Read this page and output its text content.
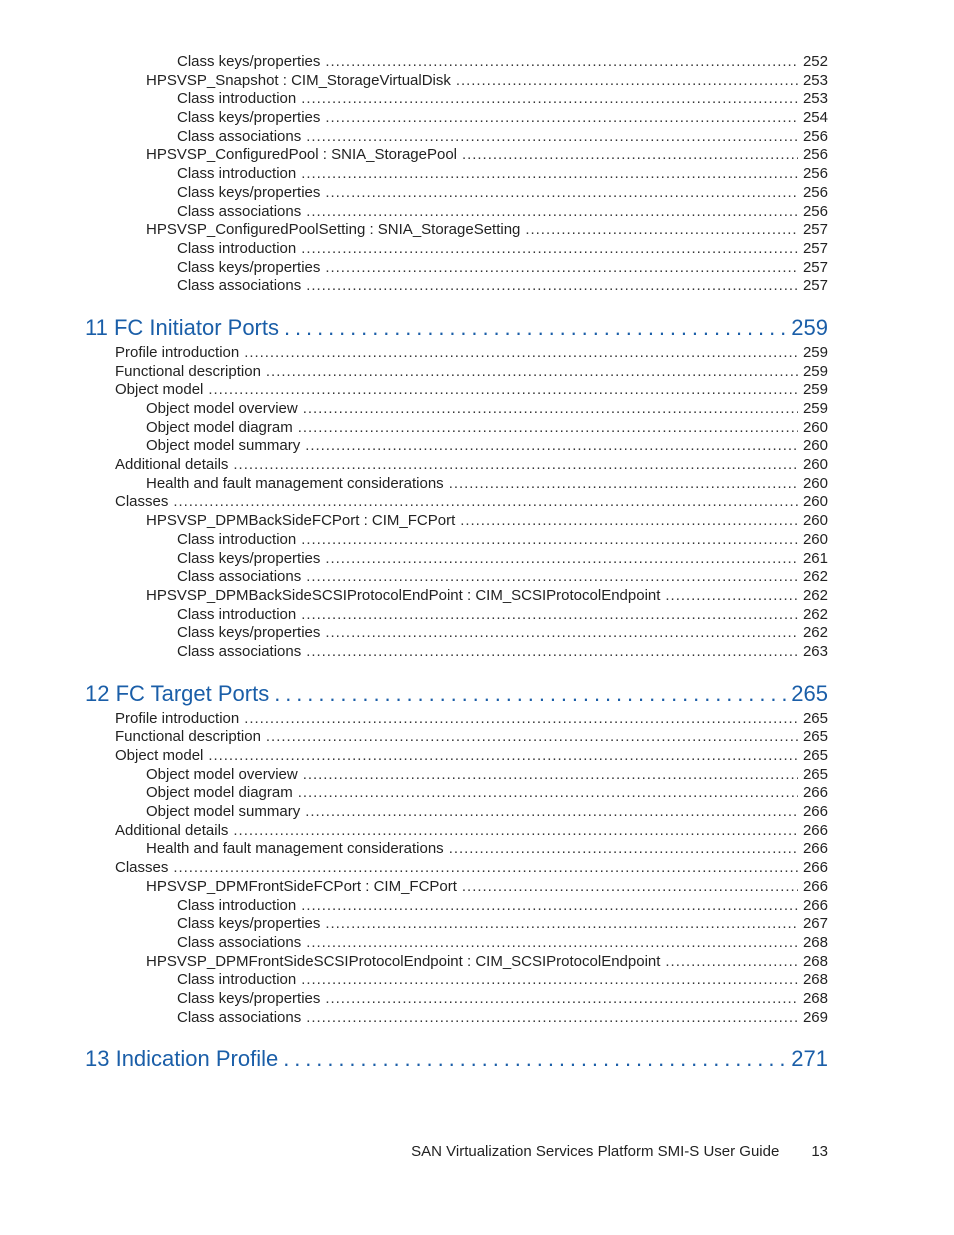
Class keys/properties . . .	252
HPSVSP_Snapshot : CIM_StorageVirtualDisk . . .	253
Class introduction . . .	253
Class keys/properties . . .	254
Class associations . . .	256
HPSVSP_ConfiguredPool : SNIA_StoragePool . . .	256
Class introduction . . .	256
Class keys/properties . . .	256
Class associations . . .	256
HPSVSP_ConfiguredPoolSetting : SNIA_StorageSetting . . .	257
Class introduction . . .	257
Class keys/properties . . .	257
Class associations . . .	257
11 FC Initiator Ports . . .	259
Profile introduction . . .	259
Functional description . . .	259
Object model . . .	259
Object model overview . . .	259
Object model diagram . . .	260
Object model summary . . .	260
Additional details . . .	260
Health and fault management considerations . . .	260
Classes . . .	260
HPSVSP_DPMBackSideFCPort : CIM_FCPort . . .	260
Class introduction . . .	260
Class keys/properties . . .	261
Class associations . . .	262
HPSVSP_DPMBackSideSCSIProtocolEndPoint : CIM_SCSIProtocolEndpoint . . .	262
Class introduction . . .	262
Class keys/properties . . .	262
Class associations . . .	263
12 FC Target Ports . . .	265
Profile introduction . . .	265
Functional description . . .	265
Object model . . .	265
Object model overview . . .	265
Object model diagram . . .	266
Object model summary . . .	266
Additional details . . .	266
Health and fault management considerations . . .	266
Classes . . .	266
HPSVSP_DPMFrontSideFCPort : CIM_FCPort . . .	266
Class introduction . . .	266
Class keys/properties . . .	267
Class associations . . .	268
HPSVSP_DPMFrontSideSCSIProtocolEndpoint : CIM_SCSIProtocolEndpoint . . .	268
Class introduction . . .	268
Class keys/properties . . .	268
Class associations . . .	269
13 Indication Profile . . .	271
SAN Virtualization Services Platform SMI-S User Guide	13
